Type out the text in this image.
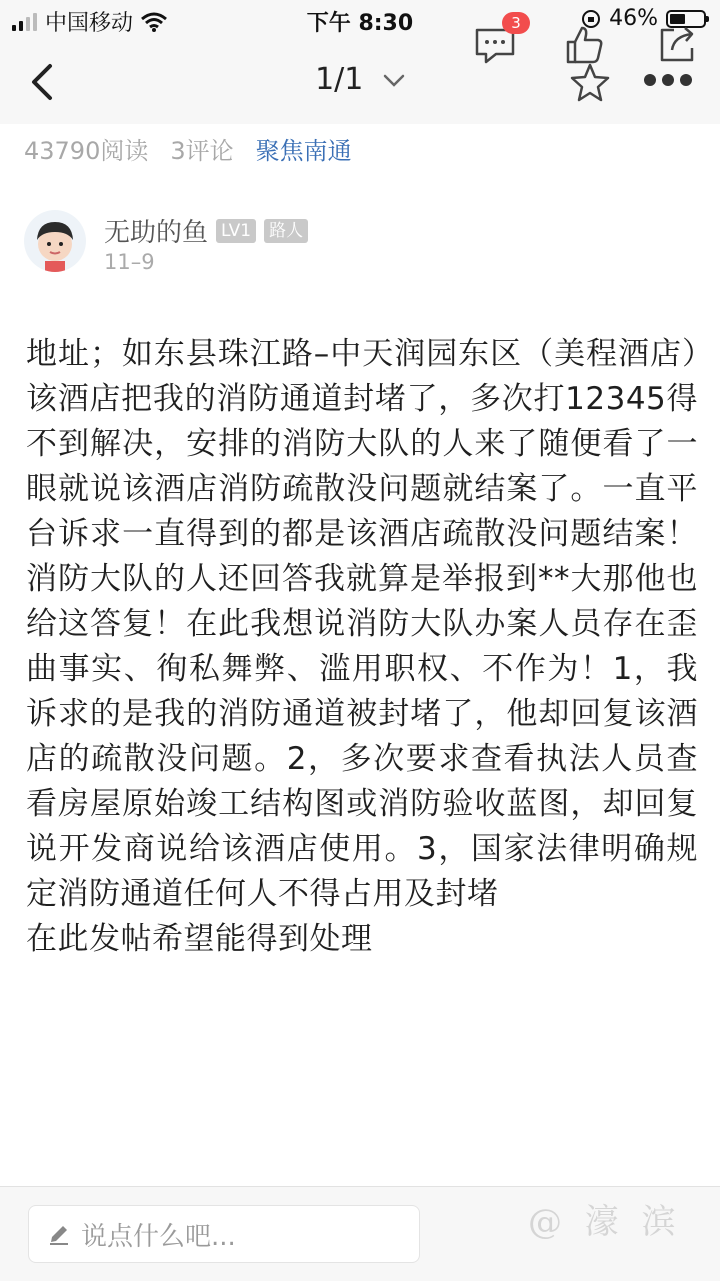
中国移动	下午 8:30	46%
1/1
43790阅读 3评论 聚焦南通
无助的鱼 LV1 路人
11–9

地址；如东县珠江路–中天润园东区（美程酒店）该酒店把我的消防通道封堵了，多次打12345得不到解决，安排的消防大队的人来了随便看了一眼就说该酒店消防疏散没问题就结案了。一直平台诉求一直得到的都是该酒店疏散没问题结案！消防大队的人还回答我就算是举报到**大那他也给这答复！在此我想说消防大队办案人员存在歪曲事实、徇私舞弊、滥用职权、不作为！1，我诉求的是我的消防通道被封堵了，他却回复该酒店的疏散没问题。2，多次要求查看执法人员查看房屋原始竣工结构图或消防验收蓝图，却回复说开发商说给该酒店使用。3，国家法律明确规定消防通道任何人不得占用及封堵
在此发帖希望能得到处理

说点什么吧...
3
@ 濠 滨
